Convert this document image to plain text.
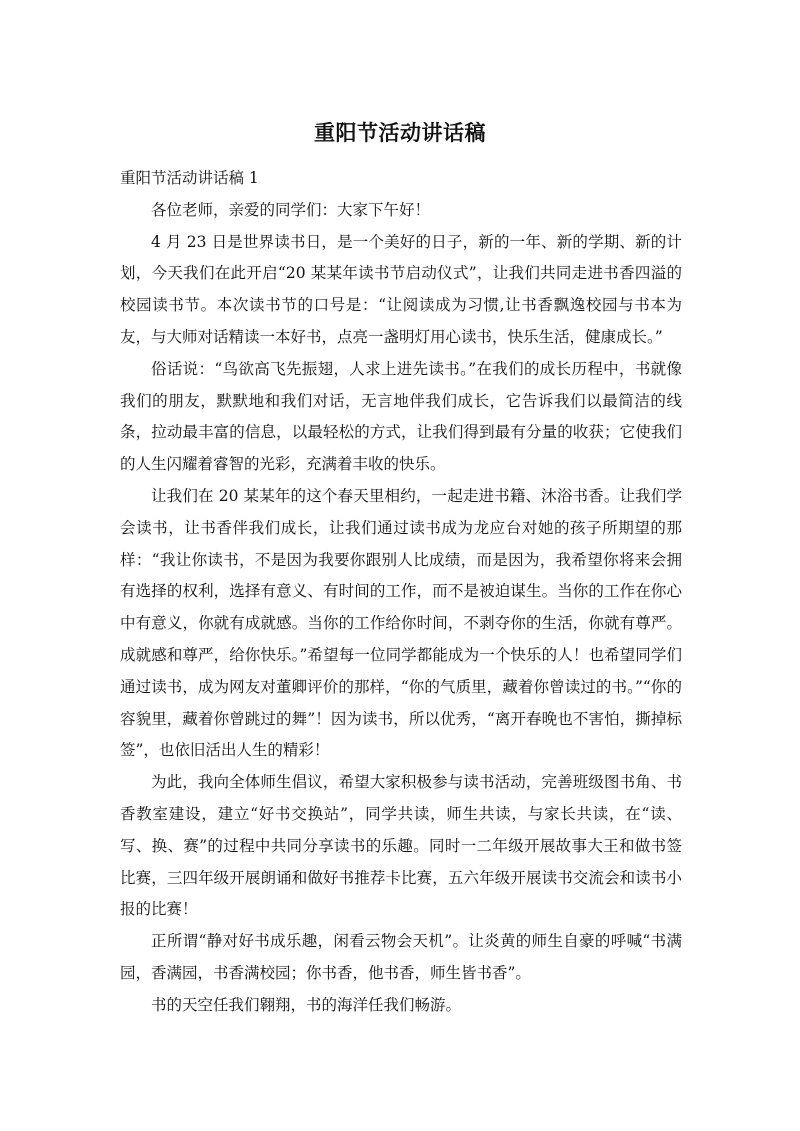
重阳节活动讲话稿

重阳节活动讲话稿 1

各位老师，亲爱的同学们：大家下午好！

4 月 23 日是世界读书日，是一个美好的日子，新的一年、新的学期、新的计划，今天我们在此开启“20 某某年读书节启动仪式”，让我们共同走进书香四溢的校园读书节。本次读书节的口号是：“让阅读成为习惯,让书香飘逸校园与书本为友，与大师对话精读一本好书，点亮一盏明灯用心读书，快乐生活，健康成长。”

俗话说：“鸟欲高飞先振翅，人求上进先读书。”在我们的成长历程中，书就像我们的朋友，默默地和我们对话，无言地伴我们成长，它告诉我们以最简洁的线条，拉动最丰富的信息，以最轻松的方式，让我们得到最有分量的收获；它使我们的人生闪耀着睿智的光彩，充满着丰收的快乐。

让我们在 20 某某年的这个春天里相约，一起走进书籍、沐浴书香。让我们学会读书，让书香伴我们成长，让我们通过读书成为龙应台对她的孩子所期望的那样：“我让你读书，不是因为我要你跟别人比成绩，而是因为，我希望你将来会拥有选择的权利，选择有意义、有时间的工作，而不是被迫谋生。当你的工作在你心中有意义，你就有成就感。当你的工作给你时间，不剥夺你的生活，你就有尊严。成就感和尊严，给你快乐。”希望每一位同学都能成为一个快乐的人！也希望同学们通过读书，成为网友对董卿评价的那样，“你的气质里，藏着你曾读过的书。”“你的容貌里，藏着你曾跳过的舞”！因为读书，所以优秀，“离开春晚也不害怕，撕掉标签”，也依旧活出人生的精彩！

为此，我向全体师生倡议，希望大家积极参与读书活动，完善班级图书角、书香教室建设，建立“好书交换站”，同学共读，师生共读，与家长共读，在“读、写、换、赛”的过程中共同分享读书的乐趣。同时一二年级开展故事大王和做书签比赛，三四年级开展朗诵和做好书推荐卡比赛，五六年级开展读书交流会和读书小报的比赛！

正所谓“静对好书成乐趣，闲看云物会天机”。让炎黄的师生自豪的呼喊“书满园，香满园，书香满校园；你书香，他书香，师生皆书香”。

书的天空任我们翱翔，书的海洋任我们畅游。
